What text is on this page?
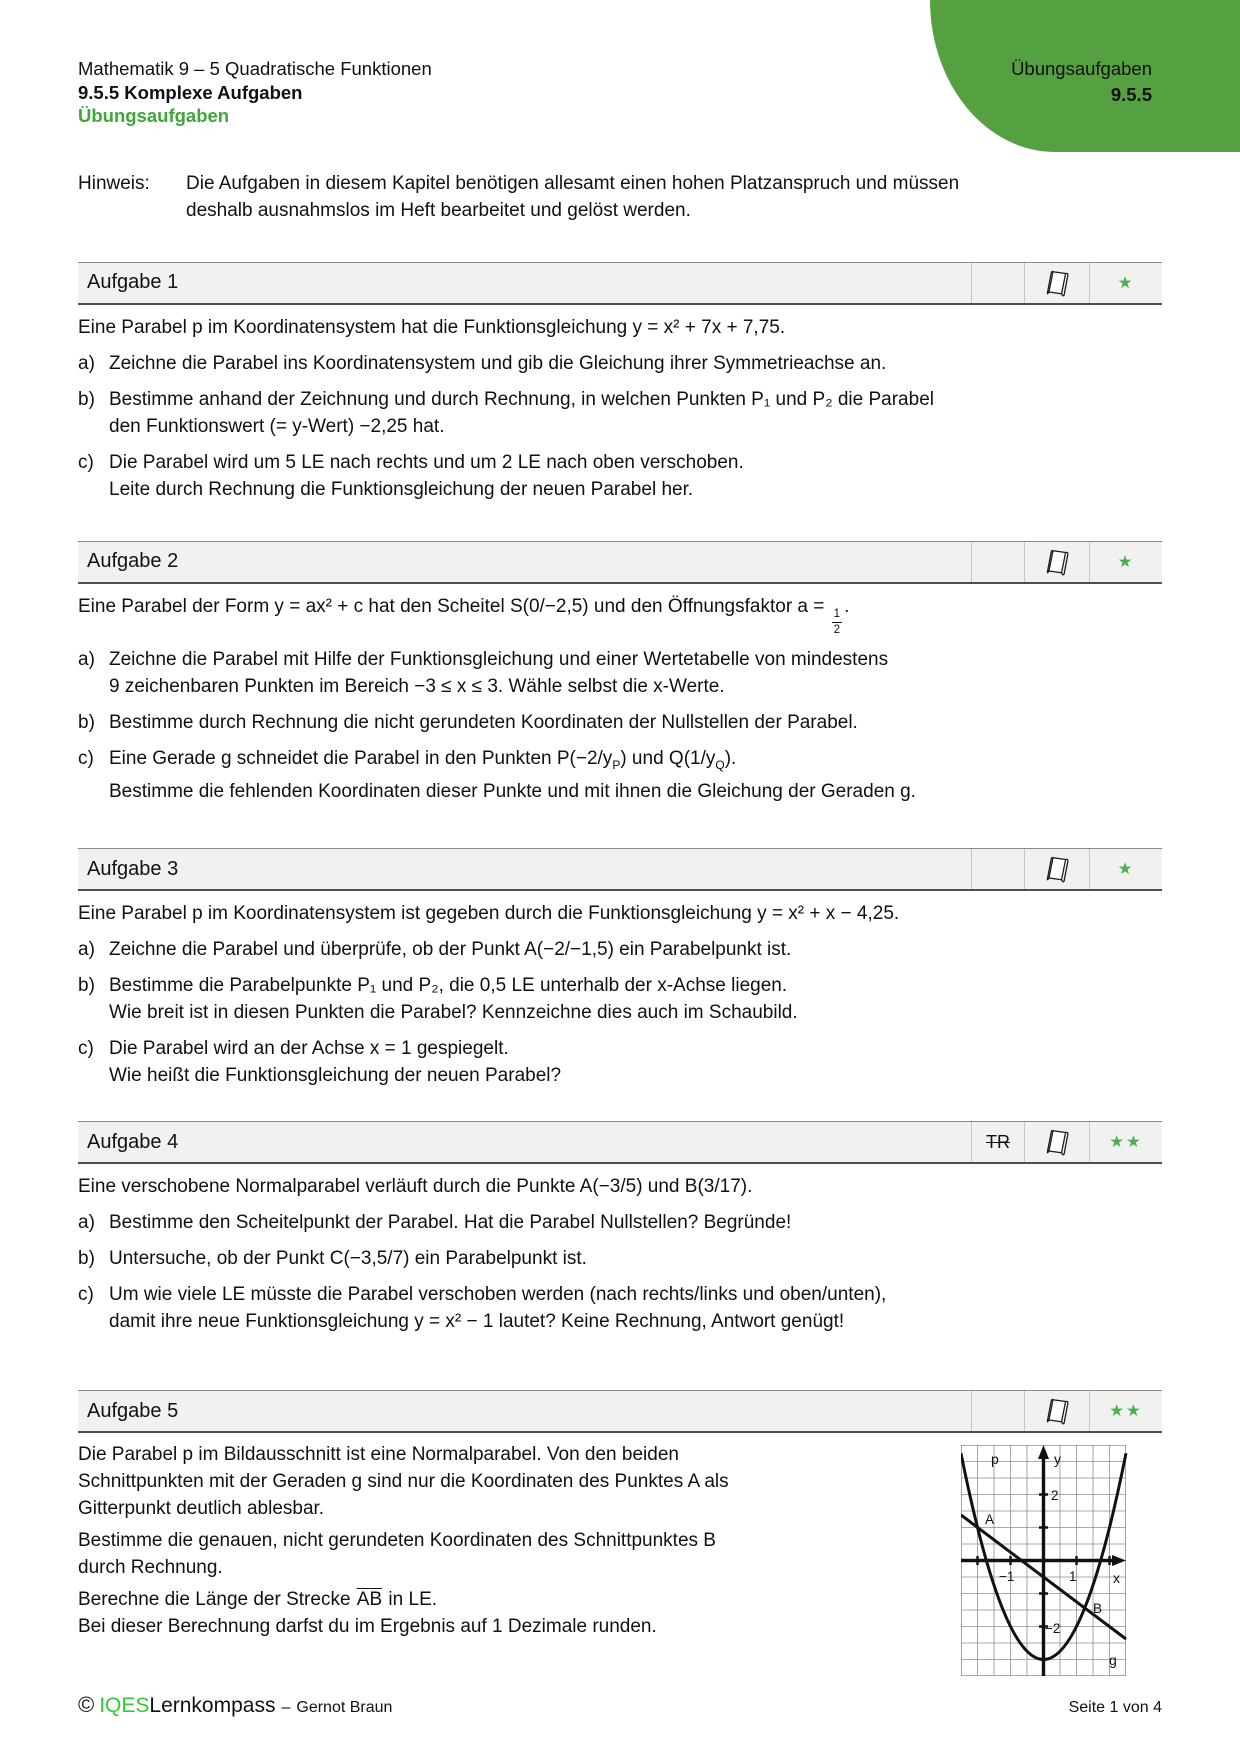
Übungsaufgaben
9.5.5
Mathematik 9 – 5 Quadratische Funktionen
9.5.5 Komplexe Aufgaben
Übungsaufgaben
Hinweis:	Die Aufgaben in diesem Kapitel benötigen allesamt einen hohen Platzanspruch und müssen
deshalb ausnahmslos im Heft bearbeitet und gelöst werden.
Aufgabe 1	★

Eine Parabel p im Koordinatensystem hat die Funktionsgleichung y = x² + 7x + 7,75.

a) Zeichne die Parabel ins Koordinatensystem und gib die Gleichung ihrer Symmetrieachse an.
b) Bestimme anhand der Zeichnung und durch Rechnung, in welchen Punkten P₁ und P₂ die Parabel
den Funktionswert (= y-Wert) −2,25 hat.
c) Die Parabel wird um 5 LE nach rechts und um 2 LE nach oben verschoben.
Leite durch Rechnung die Funktionsgleichung der neuen Parabel her.
Aufgabe 2	★

Eine Parabel der Form y = ax² + c hat den Scheitel S(0/−2,5) und den Öffnungsfaktor a =
$\frac{1}{2}$
.

a) Zeichne die Parabel mit Hilfe der Funktionsgleichung und einer Wertetabelle von mindestens
9 zeichenbaren Punkten im Bereich −3 ≤ x ≤ 3. Wähle selbst die x-Werte.
b) Bestimme durch Rechnung die nicht gerundeten Koordinaten der Nullstellen der Parabel.
c) Eine Gerade g schneidet die Parabel in den Punkten $P(-2/y_P)$ und $Q(1/y_Q)$.
Bestimme die fehlenden Koordinaten dieser Punkte und mit ihnen die Gleichung der Geraden g.
Aufgabe 3	★

Eine Parabel p im Koordinatensystem ist gegeben durch die Funktionsgleichung y = x² + x − 4,25.

a) Zeichne die Parabel und überprüfe, ob der Punkt A(−2/−1,5) ein Parabelpunkt ist.
b) Bestimme die Parabelpunkte P₁ und P₂, die 0,5 LE unterhalb der x-Achse liegen.
Wie breit ist in diesen Punkten die Parabel? Kennzeichne dies auch im Schaubild.
c) Die Parabel wird an der Achse x = 1 gespiegelt.
Wie heißt die Funktionsgleichung der neuen Parabel?
Aufgabe 4	TR	★★

Eine verschobene Normalparabel verläuft durch die Punkte A(−3/5) und B(3/17).

a) Bestimme den Scheitelpunkt der Parabel. Hat die Parabel Nullstellen? Begründe!
b) Untersuche, ob der Punkt C(−3,5/7) ein Parabelpunkt ist.
c) Um wie viele LE müsste die Parabel verschoben werden (nach rechts/links und oben/unten),
damit ihre neue Funktionsgleichung y = x² − 1 lautet? Keine Rechnung, Antwort genügt!
Aufgabe 5	★★
Die Parabel p im Bildausschnitt ist eine Normalparabel. Von den beiden
Schnittpunkten mit der Geraden g sind nur die Koordinaten des Punktes A als
Gitterpunkt deutlich ablesbar.
Bestimme die genauen, nicht gerundeten Koordinaten des Schnittpunktes B
durch Rechnung.
Berechne die Länge der Strecke $\overline{AB}$ in LE.
Bei dieser Berechnung darfst du im Ergebnis auf 1 Dezimale runden.
p	y
2
A
−1	1	x
−2
B
g
© IQES Lernkompass – Gernot Braun	Seite 1 von 4
